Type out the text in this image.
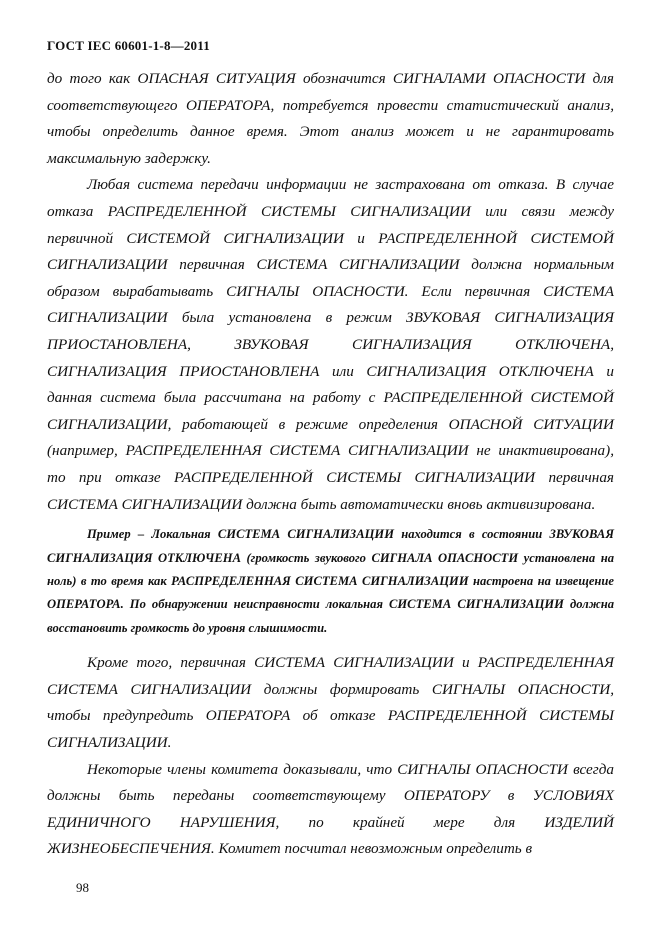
ГОСТ IEC 60601-1-8—2011

до того как ОПАСНАЯ СИТУАЦИЯ обозначится СИГНАЛАМИ ОПАСНОСТИ для соответствующего ОПЕРАТОРА, потребуется провести статистический анализ, чтобы определить данное время. Этот анализ может и не гарантировать максимальную задержку.

Любая система передачи информации не застрахована от отказа. В случае отказа РАСПРЕДЕЛЕННОЙ СИСТЕМЫ СИГНАЛИЗАЦИИ или связи между первичной СИСТЕМОЙ СИГНАЛИЗАЦИИ и РАСПРЕДЕЛЕННОЙ СИСТЕМОЙ СИГНАЛИЗАЦИИ первичная СИСТЕМА СИГНАЛИЗАЦИИ должна нормальным образом вырабатывать СИГНАЛЫ ОПАСНОСТИ. Если первичная СИСТЕМА СИГНАЛИЗАЦИИ была установлена в режим ЗВУКОВАЯ СИГНАЛИЗАЦИЯ ПРИОСТАНОВЛЕНА, ЗВУКОВАЯ СИГНАЛИЗАЦИЯ ОТКЛЮЧЕНА, СИГНАЛИЗАЦИЯ ПРИОСТАНОВЛЕНА или СИГНАЛИЗАЦИЯ ОТКЛЮЧЕНА и данная система была рассчитана на работу с РАСПРЕДЕЛЕННОЙ СИСТЕМОЙ СИГНАЛИЗАЦИИ, работающей в режиме определения ОПАСНОЙ СИТУАЦИИ (например, РАСПРЕДЕЛЕННАЯ СИСТЕМА СИГНАЛИЗАЦИИ не инактивирована), то при отказе РАСПРЕДЕЛЕННОЙ СИСТЕМЫ СИГНАЛИЗАЦИИ первичная СИСТЕМА СИГНАЛИЗАЦИИ должна быть автоматически вновь активизирована.

Пример – Локальная СИСТЕМА СИГНАЛИЗАЦИИ находится в состоянии ЗВУКОВАЯ СИГНАЛИЗАЦИЯ ОТКЛЮЧЕНА (громкость звукового СИГНАЛА ОПАСНОСТИ установлена на ноль) в то время как РАСПРЕДЕЛЕННАЯ СИСТЕМА СИГНАЛИЗАЦИИ настроена на извещение ОПЕРАТОРА. По обнаружении неисправности локальная СИСТЕМА СИГНАЛИЗАЦИИ должна восстановить громкость до уровня слышимости.

Кроме того, первичная СИСТЕМА СИГНАЛИЗАЦИИ и РАСПРЕДЕЛЕННАЯ СИСТЕМА СИГНАЛИЗАЦИИ должны формировать СИГНАЛЫ ОПАСНОСТИ, чтобы предупредить ОПЕРАТОРА об отказе РАСПРЕДЕЛЕННОЙ СИСТЕМЫ СИГНАЛИЗАЦИИ.

Некоторые члены комитета доказывали, что СИГНАЛЫ ОПАСНОСТИ всегда должны быть переданы соответствующему ОПЕРАТОРУ в УСЛОВИЯХ ЕДИНИЧНОГО НАРУШЕНИЯ, по крайней мере для ИЗДЕЛИЙ ЖИЗНЕОБЕСПЕЧЕНИЯ. Комитет посчитал невозможным определить в

98
